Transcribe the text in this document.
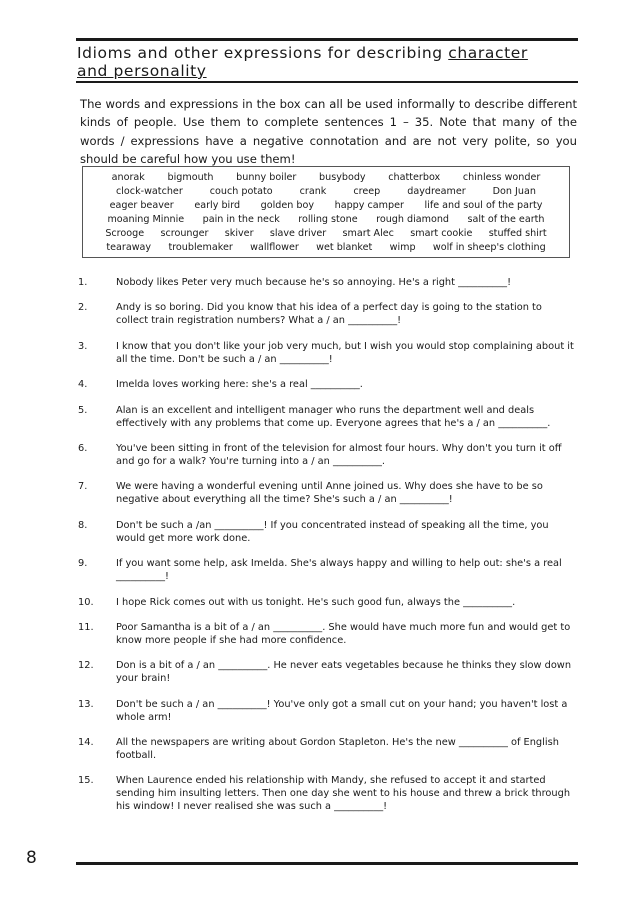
Idioms and other expressions for describing character
and personality
The words and expressions in the box can all be used informally to describe different kinds of people. Use them to complete sentences 1 – 35. Note that many of the words / expressions have a negative connotation and are not very polite, so you should be careful how you use them!
anorak bigmouth bunny boiler busybody chatterbox chinless wonder
clock-watcher	couch potato	crank	creep	daydreamer	Don Juan
eager beaver early bird golden boy happy camper life and soul of the party
moaning Minnie pain in the neck rolling stone rough diamond salt of the earth
Scrooge scrounger skiver slave driver smart Alec smart cookie stuffed shirt
tearaway troublemaker wallflower wet blanket wimp wolf in sheep's clothing
1.	Nobody likes Peter very much because he's so annoying. He's a right __________!
2.	Andy is so boring. Did you know that his idea of a perfect day is going to the station to collect train registration numbers? What a / an __________!
3.	I know that you don't like your job very much, but I wish you would stop complaining about it all the time. Don't be such a / an __________!
4.	Imelda loves working here: she's a real __________.
5.	Alan is an excellent and intelligent manager who runs the department well and deals effectively with any problems that come up. Everyone agrees that he's a / an __________.
6.	You've been sitting in front of the television for almost four hours. Why don't you turn it off and go for a walk? You're turning into a / an __________.
7.	We were having a wonderful evening until Anne joined us. Why does she have to be so negative about everything all the time? She's such a / an __________!
8.	Don't be such a /an __________! If you concentrated instead of speaking all the time, you would get more work done.
9.	If you want some help, ask Imelda. She's always happy and willing to help out: she's a real __________!
10.	I hope Rick comes out with us tonight. He's such good fun, always the __________.
11.	Poor Samantha is a bit of a / an __________. She would have much more fun and would get to know more people if she had more confidence.
12.	Don is a bit of a / an __________. He never eats vegetables because he thinks they slow down your brain!
13.	Don't be such a / an __________! You've only got a small cut on your hand; you haven't lost a whole arm!
14.	All the newspapers are writing about Gordon Stapleton. He's the new __________ of English football.
15.	When Laurence ended his relationship with Mandy, she refused to accept it and started sending him insulting letters. Then one day she went to his house and threw a brick through his window! I never realised she was such a __________!
8
